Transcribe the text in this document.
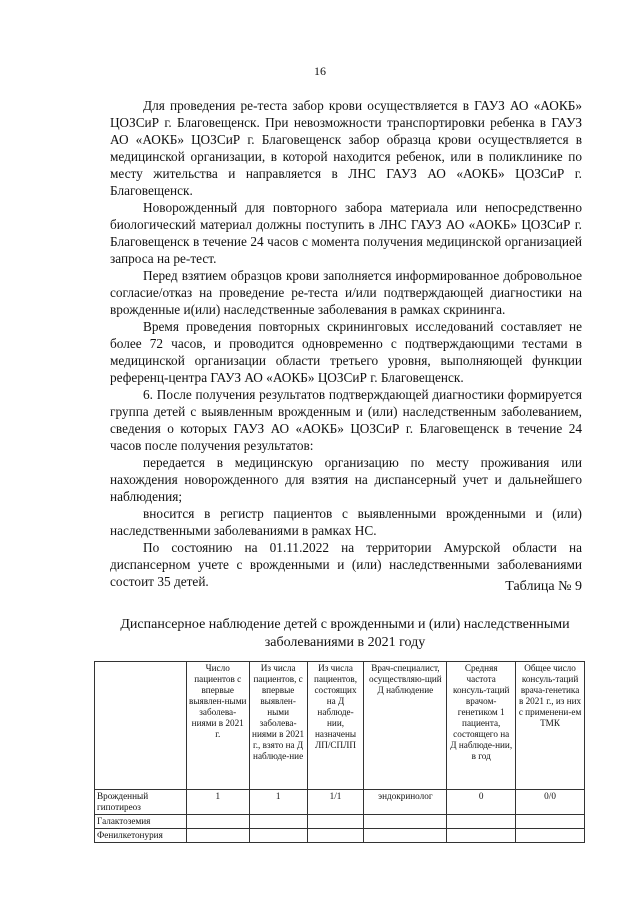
16

Для проведения ре-теста забор крови осуществляется в ГАУЗ АО «АОКБ» ЦОЗСиР г. Благовещенск. При невозможности транспортировки ребенка в ГАУЗ АО «АОКБ» ЦОЗСиР г. Благовещенск забор образца крови осуществляется в медицинской организации, в которой находится ребенок, или в поликлинике по месту жительства и направляется в ЛНС ГАУЗ АО «АОКБ» ЦОЗСиР г. Благовещенск.

Новорожденный для повторного забора материала или непосредственно биологический материал должны поступить в ЛНС ГАУЗ АО «АОКБ» ЦОЗСиР г. Благовещенск в течение 24 часов с момента получения медицинской организацией запроса на ре-тест.

Перед взятием образцов крови заполняется информированное добровольное согласие/отказ на проведение ре-теста и/или подтверждающей диагностики на врожденные и(или) наследственные заболевания в рамках скрининга.

Время проведения повторных скрининговых исследований составляет не более 72 часов, и проводится одновременно с подтверждающими тестами в медицинской организации области третьего уровня, выполняющей функции референц-центра ГАУЗ АО «АОКБ» ЦОЗСиР г. Благовещенск.

6. После получения результатов подтверждающей диагностики формируется группа детей с выявленным врожденным и (или) наследственным заболеванием, сведения о которых ГАУЗ АО «АОКБ» ЦОЗСиР г. Благовещенск в течение 24 часов после получения результатов:

передается в медицинскую организацию по месту проживания или нахождения новорожденного для взятия на диспансерный учет и дальнейшего наблюдения;

вносится в регистр пациентов с выявленными врожденными и (или) наследственными заболеваниями в рамках НС.

По состоянию на 01.11.2022 на территории Амурской области на диспансерном учете с врожденными и (или) наследственными заболеваниями состоит 35 детей.	Таблица № 9
Диспансерное наблюдение детей с врожденными и (или) наследственными заболеваниями в 2021 году
	Число пациентов с впервые выявлен-ными заболева-ниями в 2021 г.	Из числа пациентов, с впервые выявлен-ными заболева-ниями в 2021 г., взято на Д наблюде-ние	Из числа пациентов, состоящих на Д наблюде-нии, назначены ЛП/СПЛП	Врач-специалист, осуществляю-щий Д наблюдение	Средняя частота консуль-таций врачом-генетиком 1 пациента, состоящего на Д наблюде-нии, в год	Общее число консуль-таций врача-генетика в 2021 г., из них с применени-ем ТМК
Врожденный гипотиреоз	1	1	1/1	эндокринолог	0	0/0
Галактоземия						
Фенилкетонурия						
